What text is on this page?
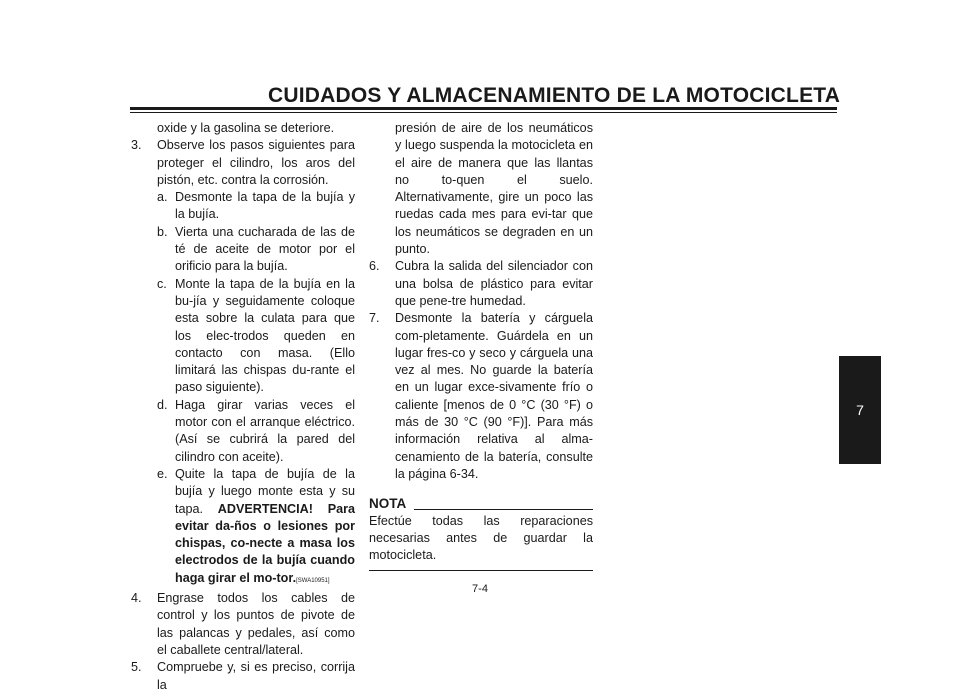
CUIDADOS Y ALMACENAMIENTO DE LA MOTOCICLETA
7
oxide y la gasolina se deteriore.
3.	Observe los pasos siguientes para proteger el cilindro, los aros del pistón, etc. contra la corrosión.
a. Desmonte la tapa de la bujía y la bujía.
b. Vierta una cucharada de las de té de aceite de motor por el orificio para la bujía.
c. Monte la tapa de la bujía en la bu-jía y seguidamente coloque esta sobre la culata para que los elec-trodos queden en contacto con masa. (Ello limitará las chispas du-rante el paso siguiente).
d. Haga girar varias veces el motor con el arranque eléctrico. (Así se cubrirá la pared del cilindro con aceite).
e. Quite la tapa de bujía de la bujía y luego monte esta y su tapa. ADVERTENCIA! Para evitar da-ños o lesiones por chispas, co-necte a masa los electrodos de la bujía cuando haga girar el mo-tor.[SWA10951]
4.	Engrase todos los cables de control y los puntos de pivote de las palancas y pedales, así como el caballete central/lateral.
5.	Compruebe y, si es preciso, corrija la
presión de aire de los neumáticos y luego suspenda la motocicleta en el aire de manera que las llantas no to-quen el suelo. Alternativamente, gire un poco las ruedas cada mes para evi-tar que los neumáticos se degraden en un punto.
6.	Cubra la salida del silenciador con una bolsa de plástico para evitar que pene-tre humedad.
7.	Desmonte la batería y cárguela com-pletamente. Guárdela en un lugar fres-co y seco y cárguela una vez al mes. No guarde la batería en un lugar exce-sivamente frío o caliente [menos de 0 °C (30 °F) o más de 30 °C (90 °F)]. Para más información relativa al alma-cenamiento de la batería, consulte la página 6-34.
NOTA
Efectúe todas las reparaciones necesarias antes de guardar la motocicleta.
7-4
